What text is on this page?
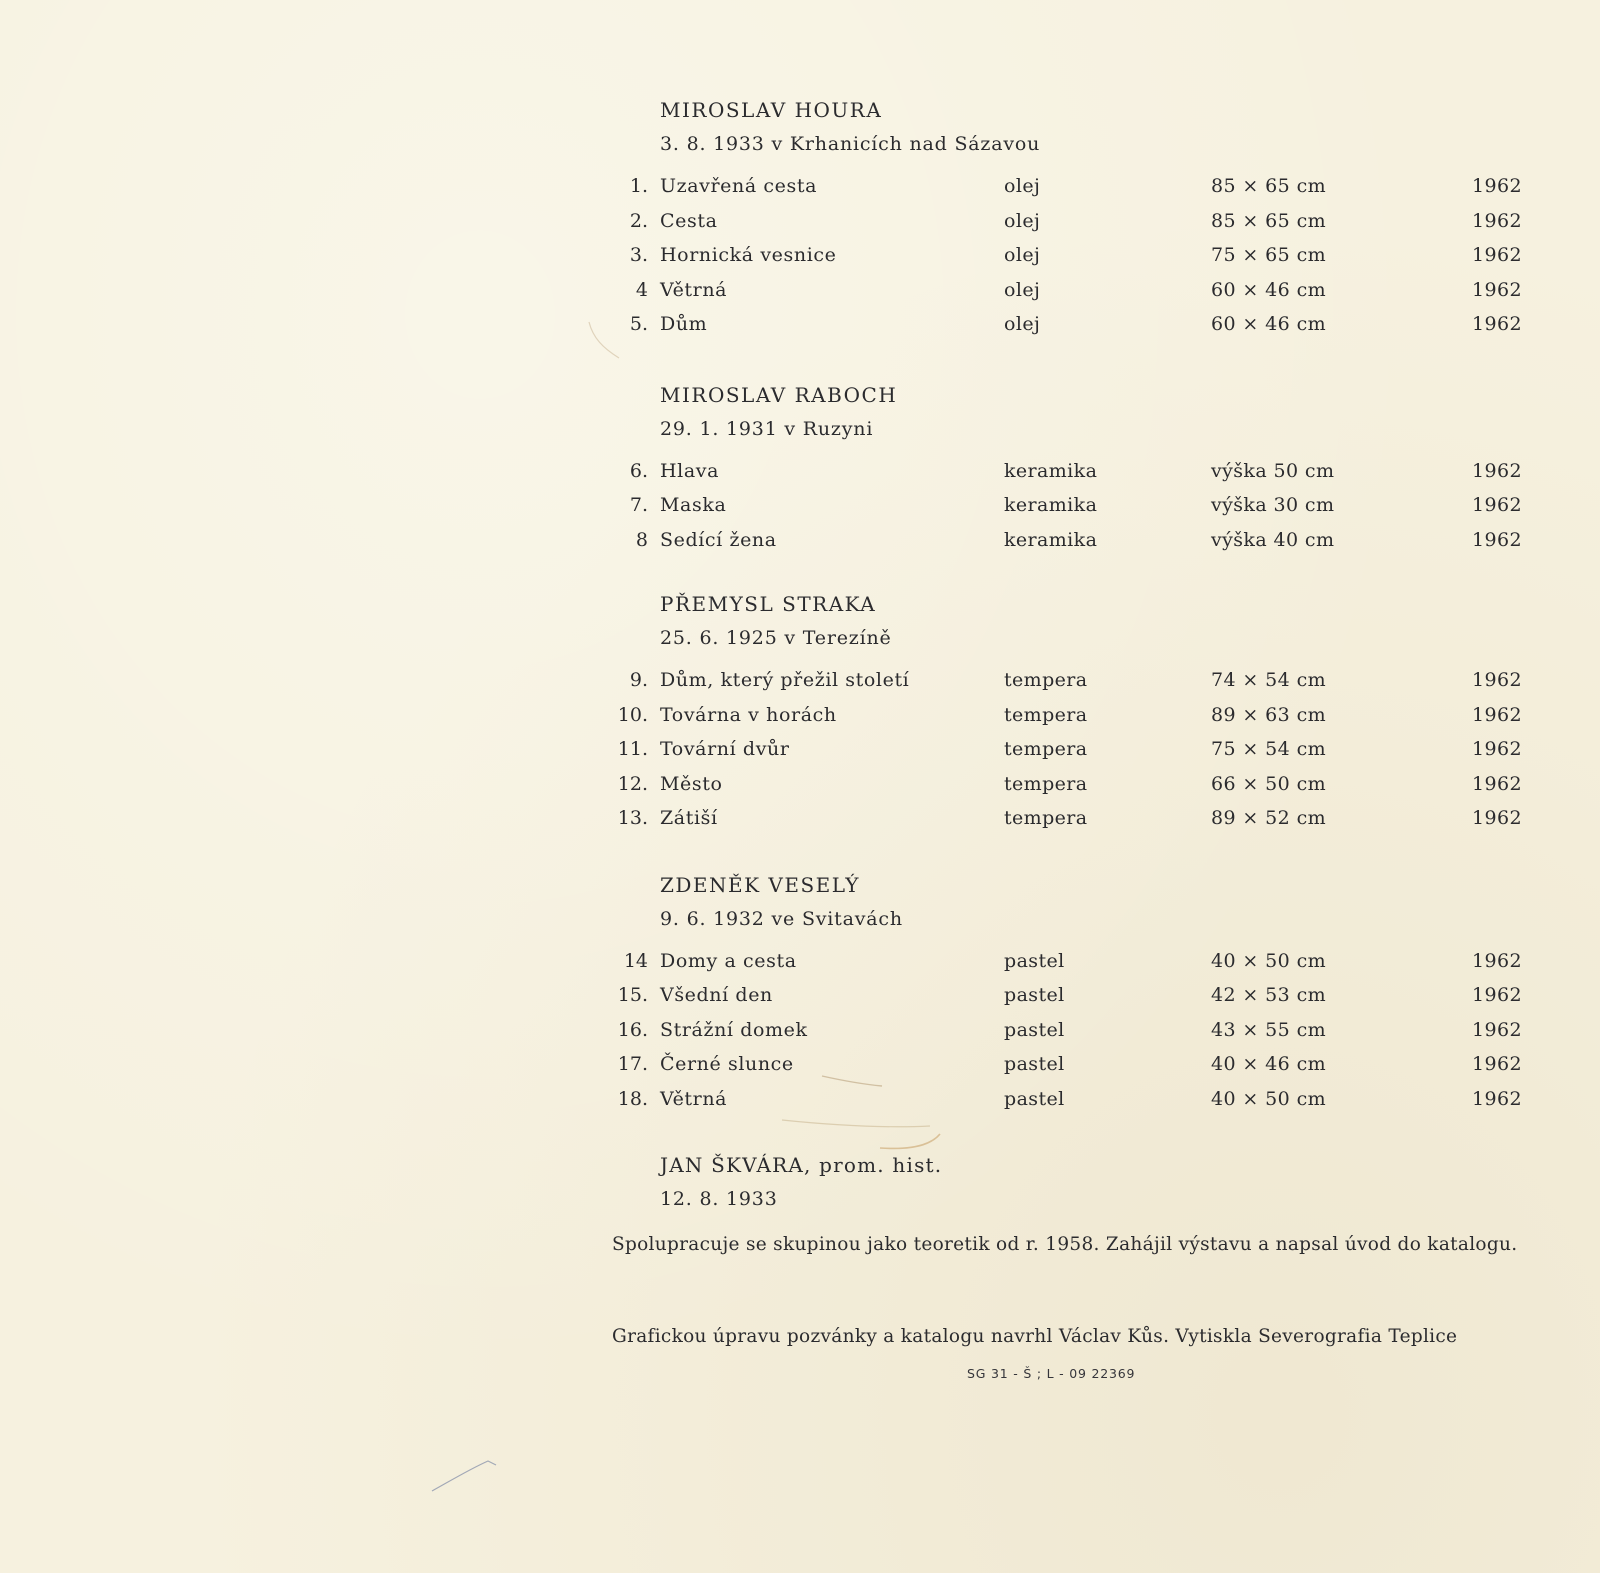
MIROSLAV HOURA
3. 8. 1933 v Krhanicích nad Sázavou
1. Uzavřená cesta	olej	85 × 65 cm	1962
2. Cesta	olej	85 × 65 cm	1962
3. Hornická vesnice	olej	75 × 65 cm	1962
4 Větrná	olej	60 × 46 cm	1962
5. Dům	olej	60 × 46 cm	1962
MIROSLAV RABOCH
29. 1. 1931 v Ruzyni
6. Hlava	keramika	výška 50 cm	1962
7. Maska	keramika	výška 30 cm	1962
8 Sedící žena	keramika	výška 40 cm	1962
PŘEMYSL STRAKA
25. 6. 1925 v Terezíně
9. Dům, který přežil století	tempera	74 × 54 cm	1962
10. Továrna v horách	tempera	89 × 63 cm	1962
11. Tovární dvůr	tempera	75 × 54 cm	1962
12. Město	tempera	66 × 50 cm	1962
13. Zátiší	tempera	89 × 52 cm	1962
ZDENĚK VESELÝ
9. 6. 1932 ve Svitavách
14 Domy a cesta	pastel	40 × 50 cm	1962
15. Všední den	pastel	42 × 53 cm	1962
16. Strážní domek	pastel	43 × 55 cm	1962
17. Černé slunce	pastel	40 × 46 cm	1962
18. Větrná	pastel	40 × 50 cm	1962
JAN ŠKVÁRA, prom. hist.
12. 8. 1933
Spolupracuje se skupinou jako teoretik od r. 1958. Zahájil výstavu a napsal úvod do katalogu.
Grafickou úpravu pozvánky a katalogu navrhl Václav Kůs. Vytiskla Severografia Teplice
SG 31 - Š ; L - 09 22369
